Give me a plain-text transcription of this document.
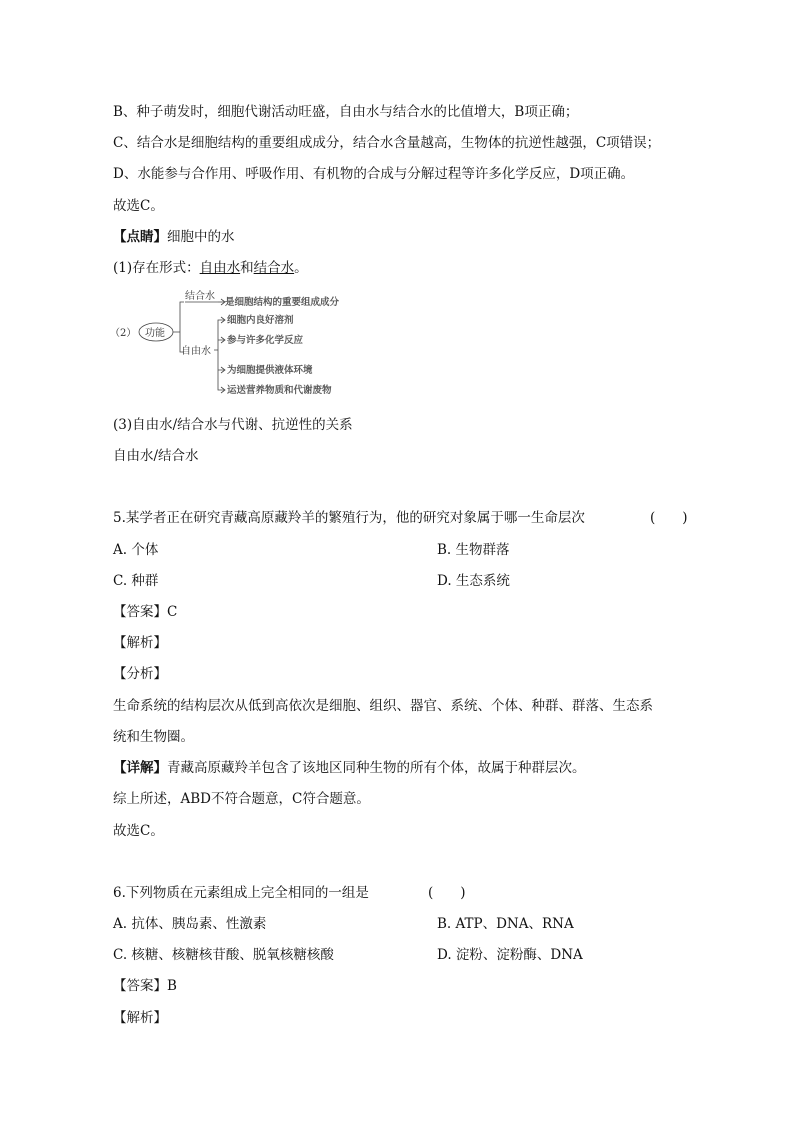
B、种子萌发时，细胞代谢活动旺盛，自由水与结合水的比值增大，B项正确；
C、结合水是细胞结构的重要组成成分，结合水含量越高，生物体的抗逆性越强，C项错误；
D、水能参与合作用、呼吸作用、有机物的合成与分解过程等许多化学反应，D项正确。
故选C。
【点睛】细胞中的水
(1)存在形式：自由水和结合水。
（2） 功能
结合水
是细胞结构的重要组成成分
自由水
细胞内良好溶剂
参与许多化学反应
为细胞提供液体环境
运送营养物质和代谢废物
(3)自由水/结合水与代谢、抗逆性的关系
自由水/结合水
5.某学者正在研究青藏高原藏羚羊的繁殖行为，他的研究对象属于哪一生命层次	(　　)
A. 个体	B. 生物群落
C. 种群	D. 生态系统
【答案】C
【解析】
【分析】
生命系统的结构层次从低到高依次是细胞、组织、器官、系统、个体、种群、群落、生态系
统和生物圈。
【详解】青藏高原藏羚羊包含了该地区同种生物的所有个体，故属于种群层次。
综上所述，ABD不符合题意，C符合题意。
故选C。
6.下列物质在元素组成上完全相同的一组是	(　　)
A. 抗体、胰岛素、性激素	B. ATP、DNA、RNA
C. 核糖、核糖核苷酸、脱氧核糖核酸	D. 淀粉、淀粉酶、DNA
【答案】B
【解析】
